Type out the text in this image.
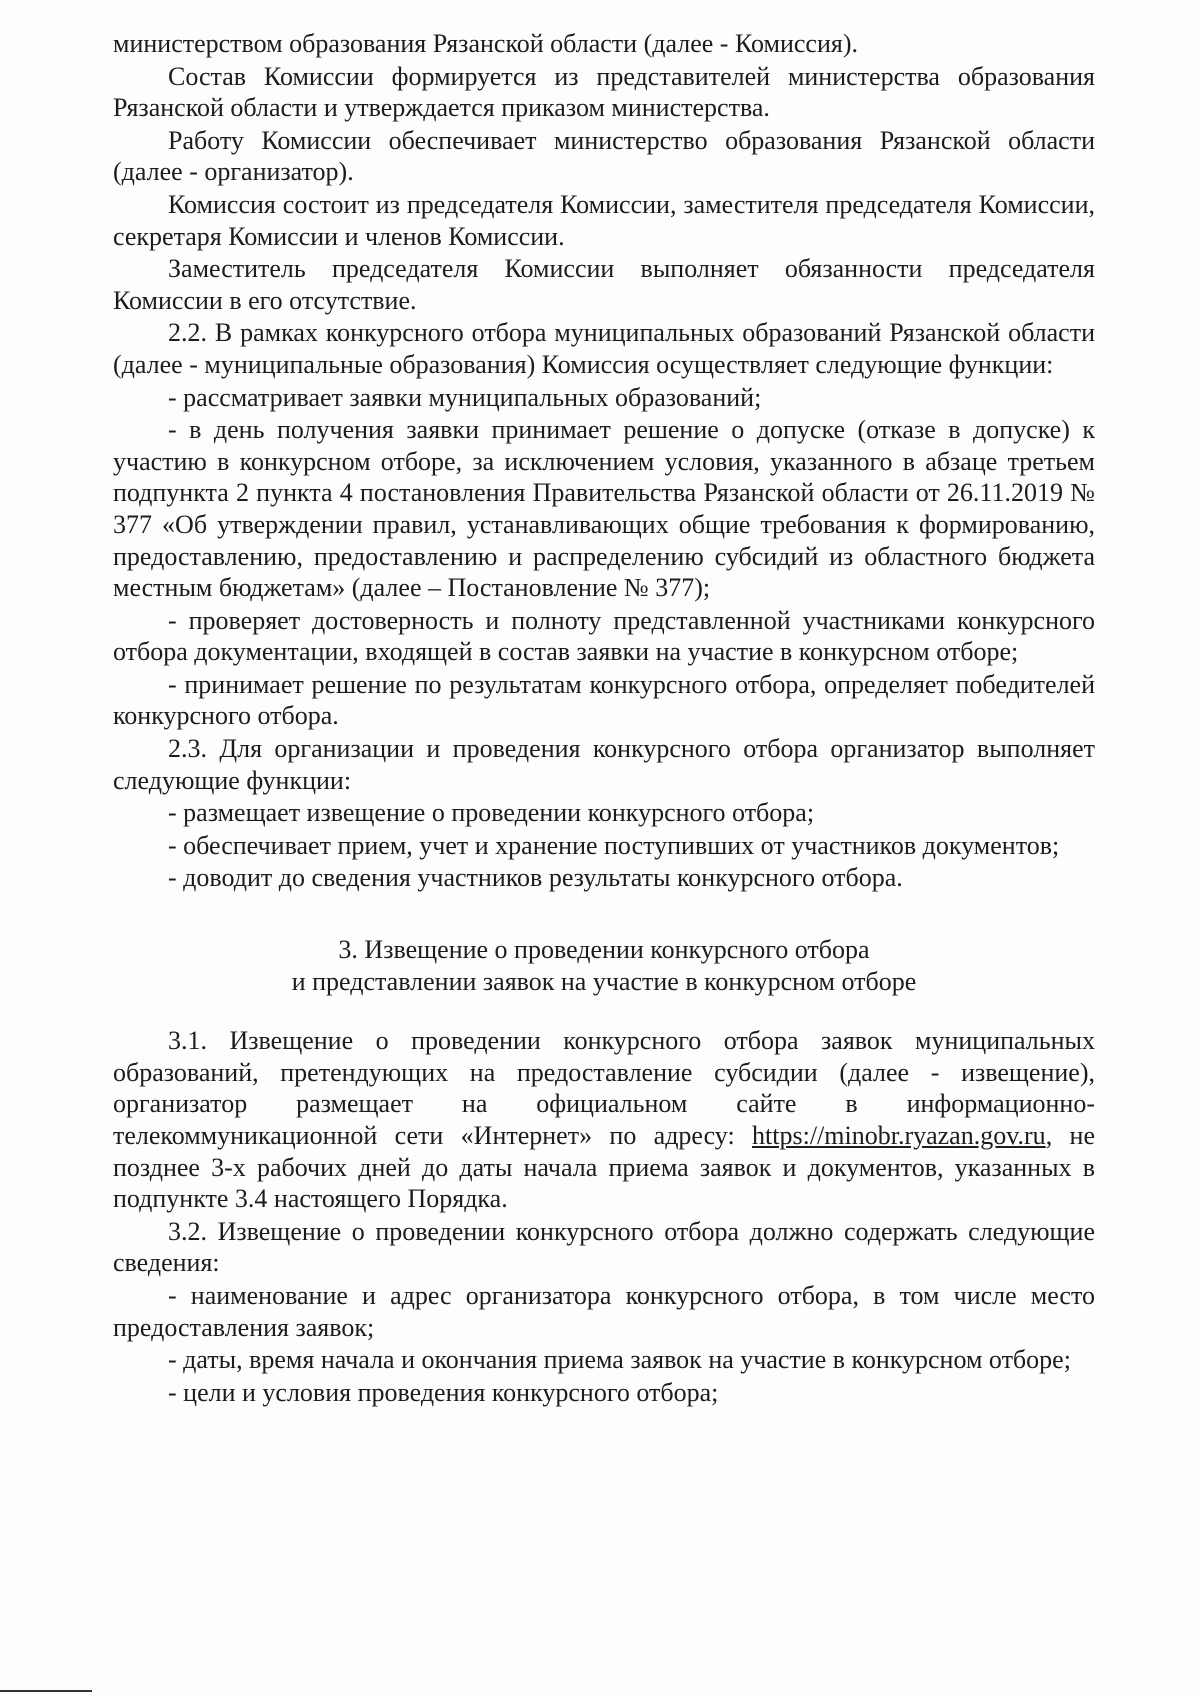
министерством образования Рязанской области (далее - Комиссия).

Состав Комиссии формируется из представителей министерства образования Рязанской области и утверждается приказом министерства.

Работу Комиссии обеспечивает министерство образования Рязанской области (далее - организатор).

Комиссия состоит из председателя Комиссии, заместителя председателя Комиссии, секретаря Комиссии и членов Комиссии.

Заместитель председателя Комиссии выполняет обязанности председателя Комиссии в его отсутствие.

2.2. В рамках конкурсного отбора муниципальных образований Рязанской области (далее - муниципальные образования) Комиссия осуществляет следующие функции:

- рассматривает заявки муниципальных образований;

- в день получения заявки принимает решение о допуске (отказе в допуске) к участию в конкурсном отборе, за исключением условия, указанного в абзаце третьем подпункта 2 пункта 4 постановления Правительства Рязанской области от 26.11.2019 № 377 «Об утверждении правил, устанавливающих общие требования к формированию, предоставлению, предоставлению и распределению субсидий из областного бюджета местным бюджетам» (далее – Постановление № 377);

- проверяет достоверность и полноту представленной участниками конкурсного отбора документации, входящей в состав заявки на участие в конкурсном отборе;

- принимает решение по результатам конкурсного отбора, определяет победителей конкурсного отбора.

2.3. Для организации и проведения конкурсного отбора организатор выполняет следующие функции:

- размещает извещение о проведении конкурсного отбора;

- обеспечивает прием, учет и хранение поступивших от участников документов;

- доводит до сведения участников результаты конкурсного отбора.

3. Извещение о проведении конкурсного отбора
и представлении заявок на участие в конкурсном отборе

3.1. Извещение о проведении конкурсного отбора заявок муниципальных образований, претендующих на предоставление субсидии (далее - извещение), организатор размещает на официальном сайте в информационно-телекоммуникационной сети «Интернет» по адресу: https://minobr.ryazan.gov.ru, не позднее 3-х рабочих дней до даты начала приема заявок и документов, указанных в подпункте 3.4 настоящего Порядка.

3.2. Извещение о проведении конкурсного отбора должно содержать следующие сведения:

- наименование и адрес организатора конкурсного отбора, в том числе место предоставления заявок;

- даты, время начала и окончания приема заявок на участие в конкурсном отборе;

- цели и условия проведения конкурсного отбора;
